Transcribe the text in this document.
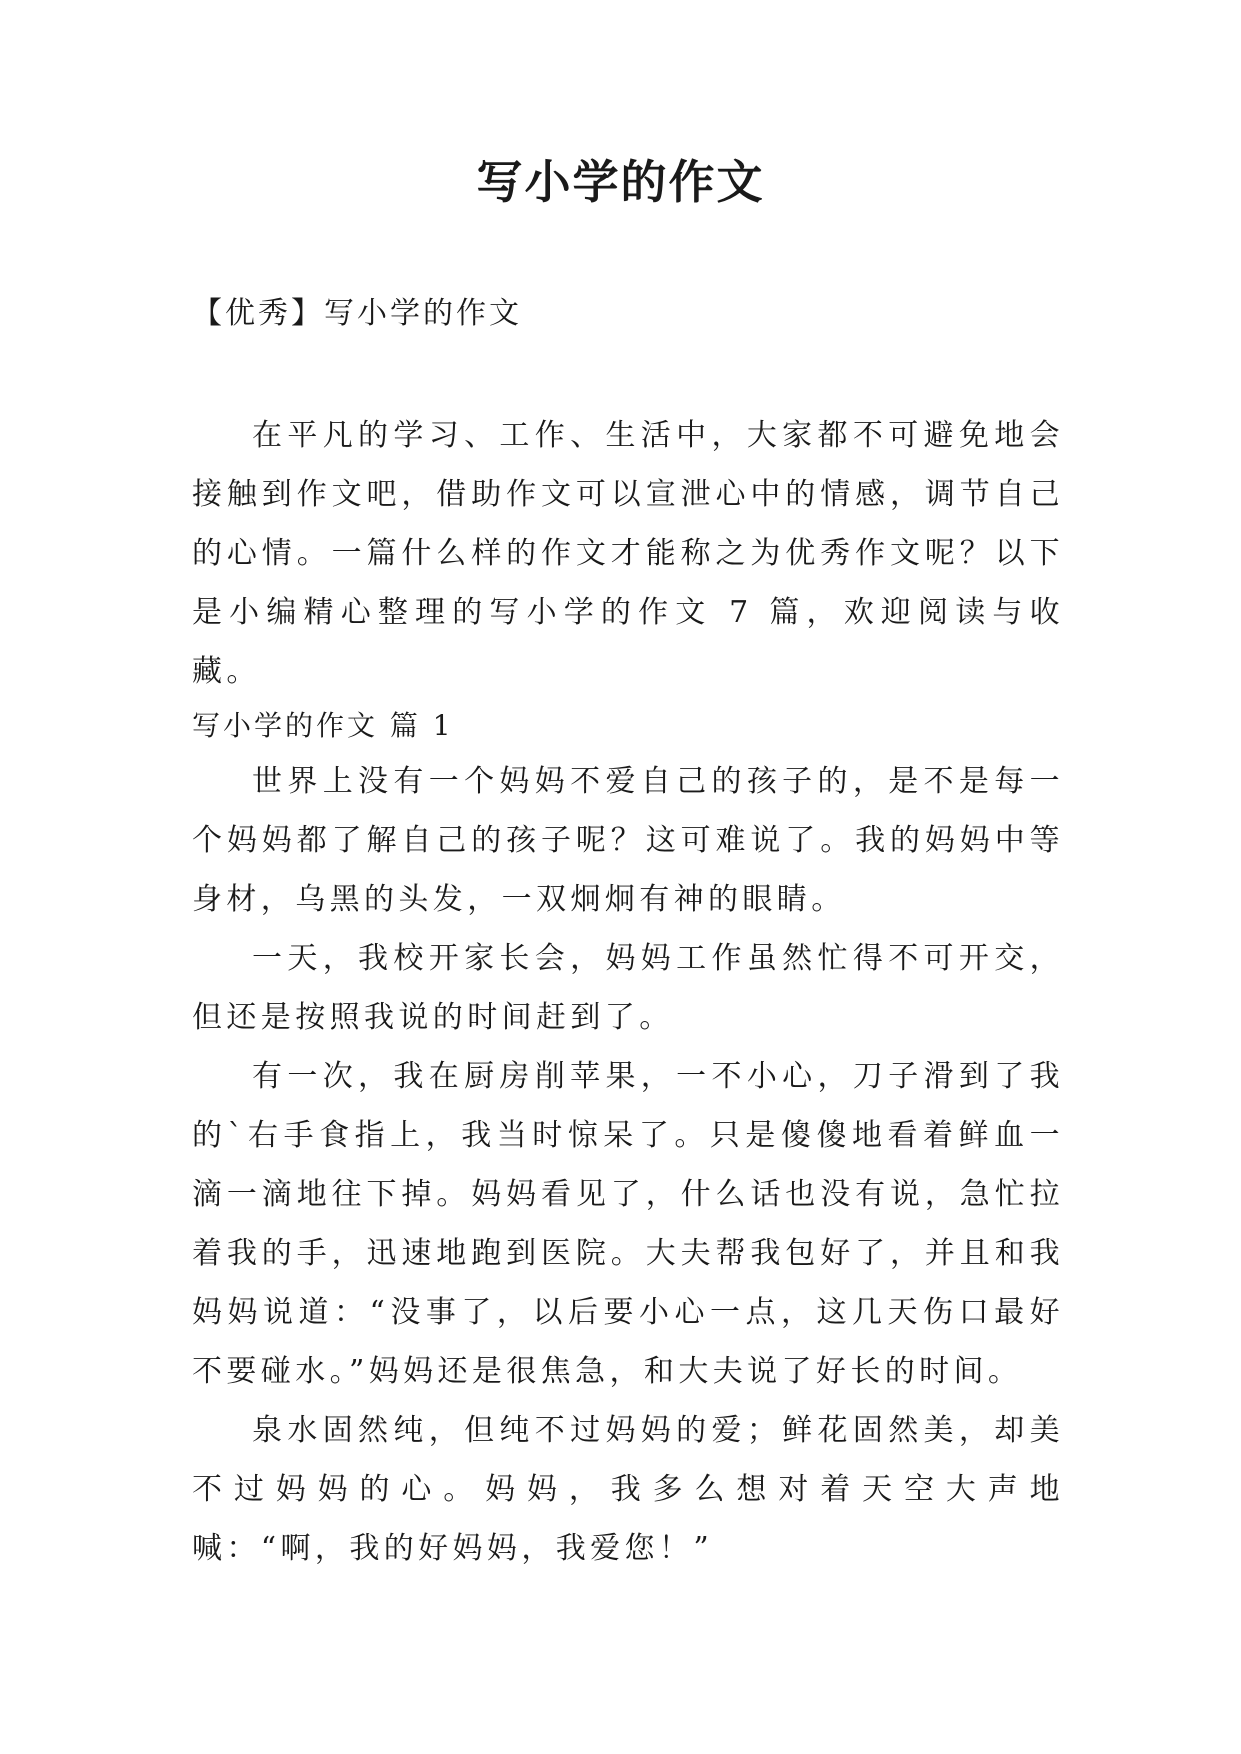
写小学的作文

【优秀】写小学的作文

在平凡的学习、工作、生活中，大家都不可避免地会接触到作文吧，借助作文可以宣泄心中的情感，调节自己的心情。一篇什么样的作文才能称之为优秀作文呢？以下是小编精心整理的写小学的作文 7 篇，欢迎阅读与收藏。

写小学的作文 篇 1

世界上没有一个妈妈不爱自己的孩子的，是不是每一个妈妈都了解自己的孩子呢？这可难说了。我的妈妈中等身材，乌黑的头发，一双炯炯有神的眼睛。

一天，我校开家长会，妈妈工作虽然忙得不可开交，但还是按照我说的时间赶到了。

有一次，我在厨房削苹果，一不小心，刀子滑到了我的`右手食指上，我当时惊呆了。只是傻傻地看着鲜血一滴一滴地往下掉。妈妈看见了，什么话也没有说，急忙拉着我的手，迅速地跑到医院。大夫帮我包好了，并且和我妈妈说道：“没事了，以后要小心一点，这几天伤口最好不要碰水。”妈妈还是很焦急，和大夫说了好长的时间。

泉水固然纯，但纯不过妈妈的爱；鲜花固然美，却美不过妈妈的心。妈妈，我多么想对着天空大声地喊：“啊，我的好妈妈，我爱您！”
